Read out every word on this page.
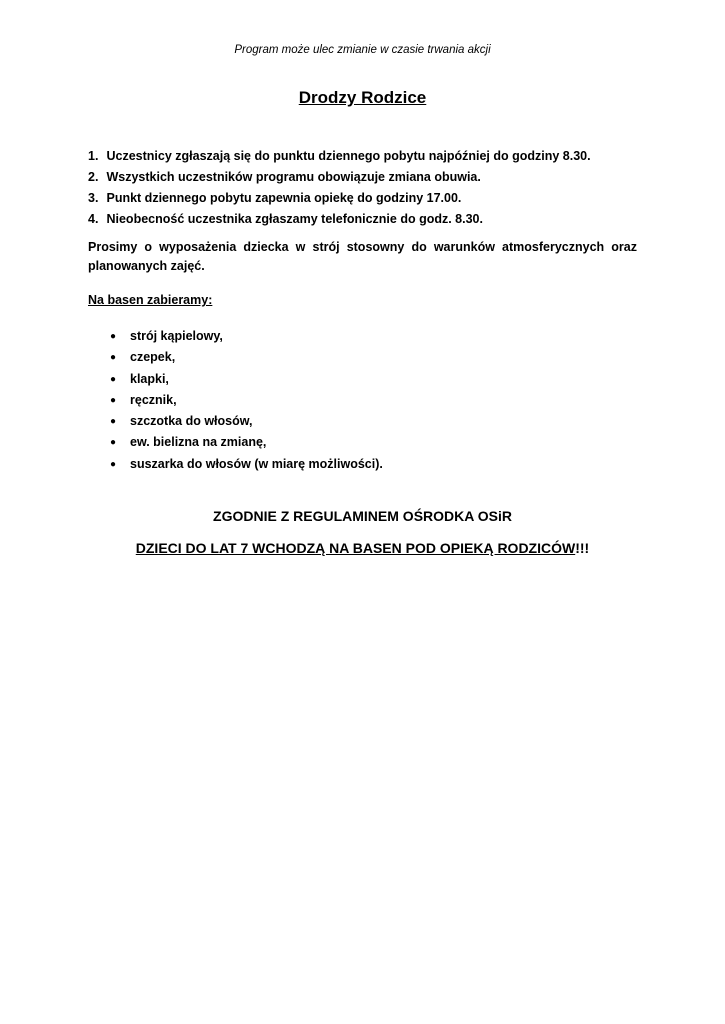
Program może ulec zmianie w czasie trwania akcji
Drodzy Rodzice
1. Uczestnicy zgłaszają się do punktu dziennego pobytu najpóźniej do godziny 8.30.
2. Wszystkich uczestników programu obowiązuje zmiana obuwia.
3. Punkt dziennego pobytu zapewnia opiekę do godziny 17.00.
4. Nieobecność uczestnika zgłaszamy telefonicznie do godz. 8.30.

Prosimy o wyposażenia dziecka w strój stosowny do warunków atmosferycznych oraz planowanych zajęć.

Na basen zabieramy:
● strój kąpielowy,
● czepek,
● klapki,
● ręcznik,
● szczotka do włosów,
● ew. bielizna na zmianę,
● suszarka do włosów (w miarę możliwości).
ZGODNIE Z REGULAMINEM OŚRODKA OSiR
DZIECI DO LAT 7 WCHODZĄ NA BASEN POD OPIEKĄ RODZICÓW!!!
